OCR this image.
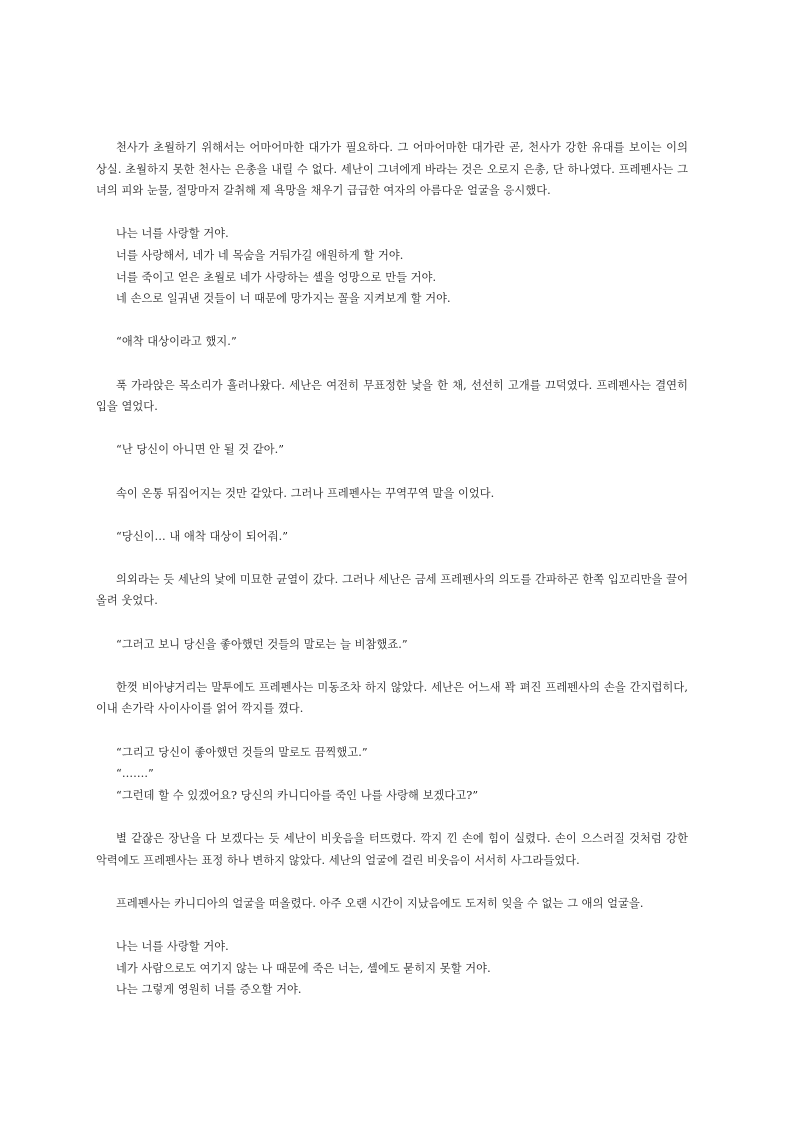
천사가 초월하기 위해서는 어마어마한 대가가 필요하다. 그 어마어마한 대가란 곧, 천사가 강한 유대를 보이는 이의 상실. 초월하지 못한 천사는 은총을 내릴 수 없다. 세난이 그녀에게 바라는 것은 오로지 은총, 단 하나였다. 프레펜사는 그녀의 피와 눈물, 절망마저 갈취해 제 욕망을 채우기 급급한 여자의 아름다운 얼굴을 응시했다.

나는 너를 사랑할 거야.

너를 사랑해서, 네가 네 목숨을 거둬가길 애원하게 할 거야.

너를 죽이고 얻은 초월로 네가 사랑하는 셸을 엉망으로 만들 거야.

네 손으로 일궈낸 것들이 너 때문에 망가지는 꼴을 지켜보게 할 거야.

“애착 대상이라고 했지.”

푹 가라앉은 목소리가 흘러나왔다. 세난은 여전히 무표정한 낯을 한 채, 선선히 고개를 끄덕였다. 프레펜사는 결연히 입을 열었다.

“난 당신이 아니면 안 될 것 같아.”

속이 온통 뒤집어지는 것만 같았다. 그러나 프레펜사는 꾸역꾸역 말을 이었다.

“당신이… 내 애착 대상이 되어줘.”

의외라는 듯 세난의 낯에 미묘한 균열이 갔다. 그러나 세난은 금세 프레펜사의 의도를 간파하곤 한쪽 입꼬리만을 끌어올려 웃었다.

“그러고 보니 당신을 좋아했던 것들의 말로는 늘 비참했죠.”

한껏 비아냥거리는 말투에도 프레펜사는 미동조차 하지 않았다. 세난은 어느새 꽉 펴진 프레펜사의 손을 간지럽히다, 이내 손가락 사이사이를 얽어 깍지를 꼈다.

“그리고 당신이 좋아했던 것들의 말로도 끔찍했고.”

“…….”

“그런데 할 수 있겠어요? 당신의 카니디아를 죽인 나를 사랑해 보겠다고?”

별 같잖은 장난을 다 보겠다는 듯 세난이 비웃음을 터뜨렸다. 깍지 낀 손에 힘이 실렸다. 손이 으스러질 것처럼 강한 악력에도 프레펜사는 표정 하나 변하지 않았다. 세난의 얼굴에 걸린 비웃음이 서서히 사그라들었다.

프레펜사는 카니디아의 얼굴을 떠올렸다. 아주 오랜 시간이 지났음에도 도저히 잊을 수 없는 그 애의 얼굴을.

나는 너를 사랑할 거야.

네가 사람으로도 여기지 않는 나 때문에 죽은 너는, 셸에도 묻히지 못할 거야.

나는 그렇게 영원히 너를 증오할 거야.
